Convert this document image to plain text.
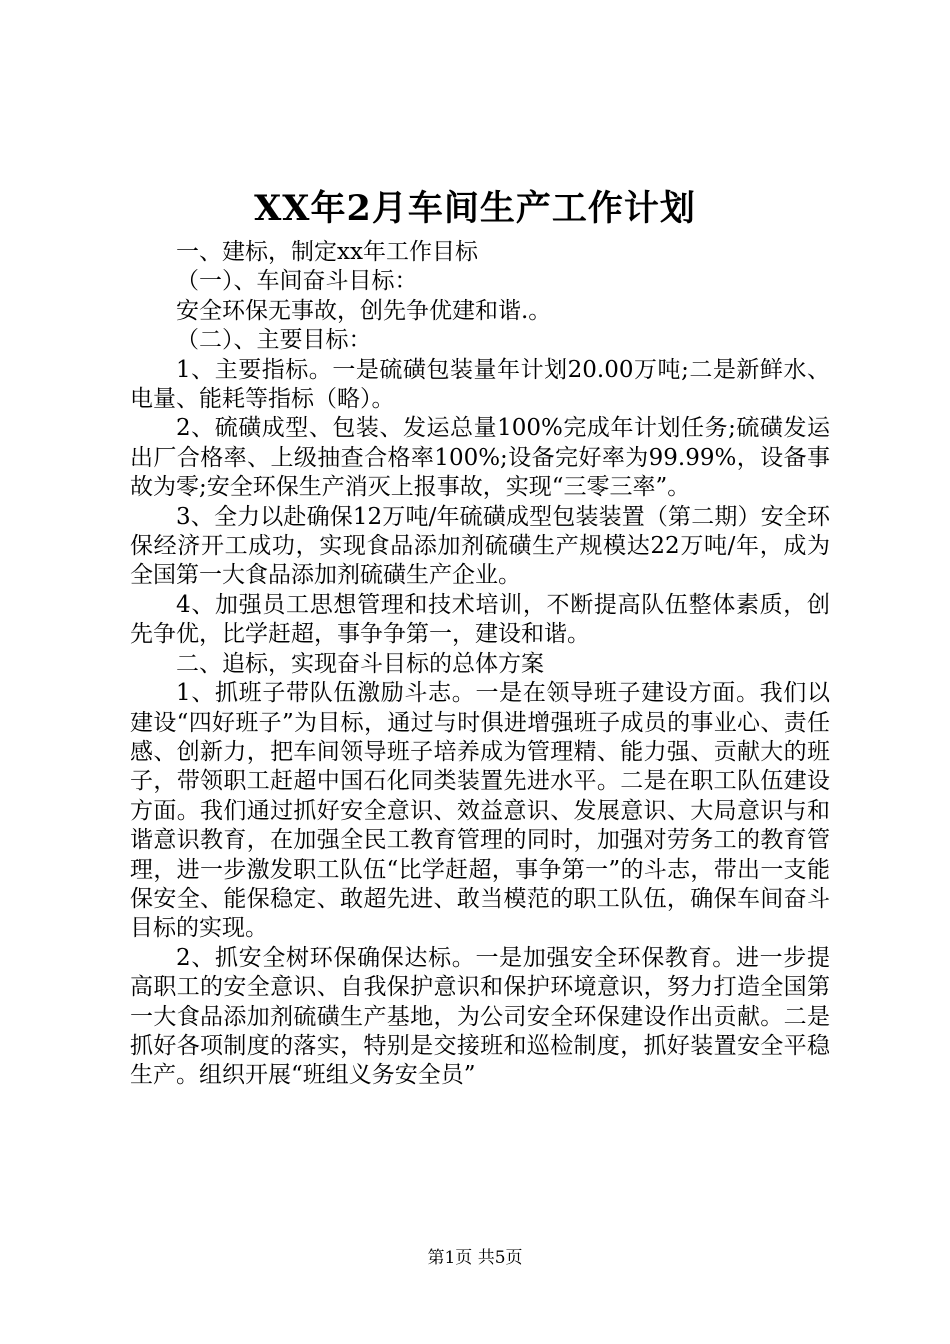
XX年2月车间生产工作计划

一、建标，制定xx年工作目标

（一）、车间奋斗目标：

安全环保无事故，创先争优建和谐.。

（二）、主要目标：

1、主要指标。一是硫磺包装量年计划20.00万吨;二是新鲜水、电量、能耗等指标（略）。

2、硫磺成型、包装、发运总量100%完成年计划任务;硫磺发运出厂合格率、上级抽查合格率100%;设备完好率为99.99%，设备事故为零;安全环保生产消灭上报事故，实现“三零三率”。

3、全力以赴确保12万吨/年硫磺成型包装装置（第二期）安全环保经济开工成功，实现食品添加剂硫磺生产规模达22万吨/年，成为全国第一大食品添加剂硫磺生产企业。

4、加强员工思想管理和技术培训，不断提高队伍整体素质，创先争优，比学赶超，事争争第一，建设和谐。

二、追标，实现奋斗目标的总体方案

1、抓班子带队伍激励斗志。一是在领导班子建设方面。我们以建设“四好班子”为目标，通过与时俱进增强班子成员的事业心、责任感、创新力，把车间领导班子培养成为管理精、能力强、贡献大的班子，带领职工赶超中国石化同类装置先进水平。二是在职工队伍建设方面。我们通过抓好安全意识、效益意识、发展意识、大局意识与和谐意识教育，在加强全民工教育管理的同时，加强对劳务工的教育管理，进一步激发职工队伍“比学赶超，事争第一”的斗志，带出一支能保安全、能保稳定、敢超先进、敢当模范的职工队伍，确保车间奋斗目标的实现。

2、抓安全树环保确保达标。一是加强安全环保教育。进一步提高职工的安全意识、自我保护意识和保护环境意识，努力打造全国第一大食品添加剂硫磺生产基地，为公司安全环保建设作出贡献。二是抓好各项制度的落实，特别是交接班和巡检制度，抓好装置安全平稳生产。组织开展“班组义务安全员”

第1页 共5页
